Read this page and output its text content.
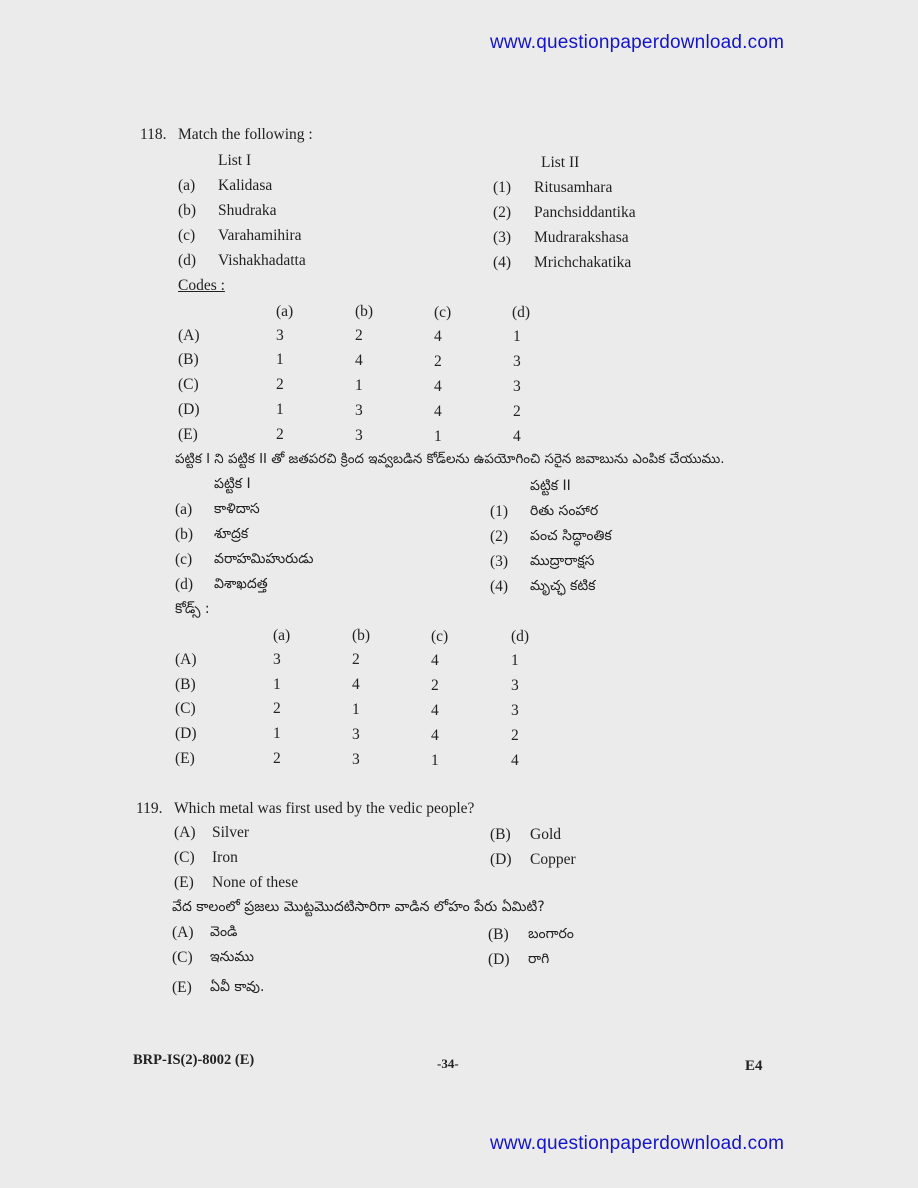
www.questionpaperdownload.com
118. Match the following :
List I	List II
(a) Kalidasa
(b) Shudraka
(c) Varahamihira
(d) Vishakhadatta
(1) Ritusamhara
(2) Panchsiddantika
(3) Mudrarakshasa
(4) Mrichchakatika
Codes :
(a)	(b)	(c)	(d)
(A)	3	2	4	1
(B)	1	4	2	3
(C)	2	1	4	3
(D)	1	3	4	2
(E)	2	3	1	4
పట్టిక I ని పట్టిక II తో జతపరచి క్రింద ఇవ్వబడిన కోడ్‌లను ఉపయోగించి సరైన జవాబును ఎంపిక చేయుము.
పట్టిక I	పట్టిక II
(a) కాళిదాస
(b) శూద్రక
(c) వరాహమిహురుడు
(d) విశాఖదత్త
(1) రితు సంహార
(2) పంచ సిద్ధాంతిక
(3) ముద్రారాక్షస
(4) మృచ్ఛ కటిక
కోడ్స్ :
(a)	(b)	(c)	(d)
(A)	3	2	4	1
(B)	1	4	2	3
(C)	2	1	4	3
(D)	1	3	4	2
(E)	2	3	1	4
119. Which metal was first used by the vedic people?
(A) Silver	(B) Gold
(C) Iron	(D) Copper
(E) None of these
వేద కాలంలో ప్రజలు మొట్టమొదటిసారిగా వాడిన లోహం పేరు ఏమిటి?
(A) వెండి	(B) బంగారం
(C) ఇనుము	(D) రాగి
(E) ఏవీ కావు.
BRP-IS(2)-8002 (E)	-34-	E4
www.questionpaperdownload.com
